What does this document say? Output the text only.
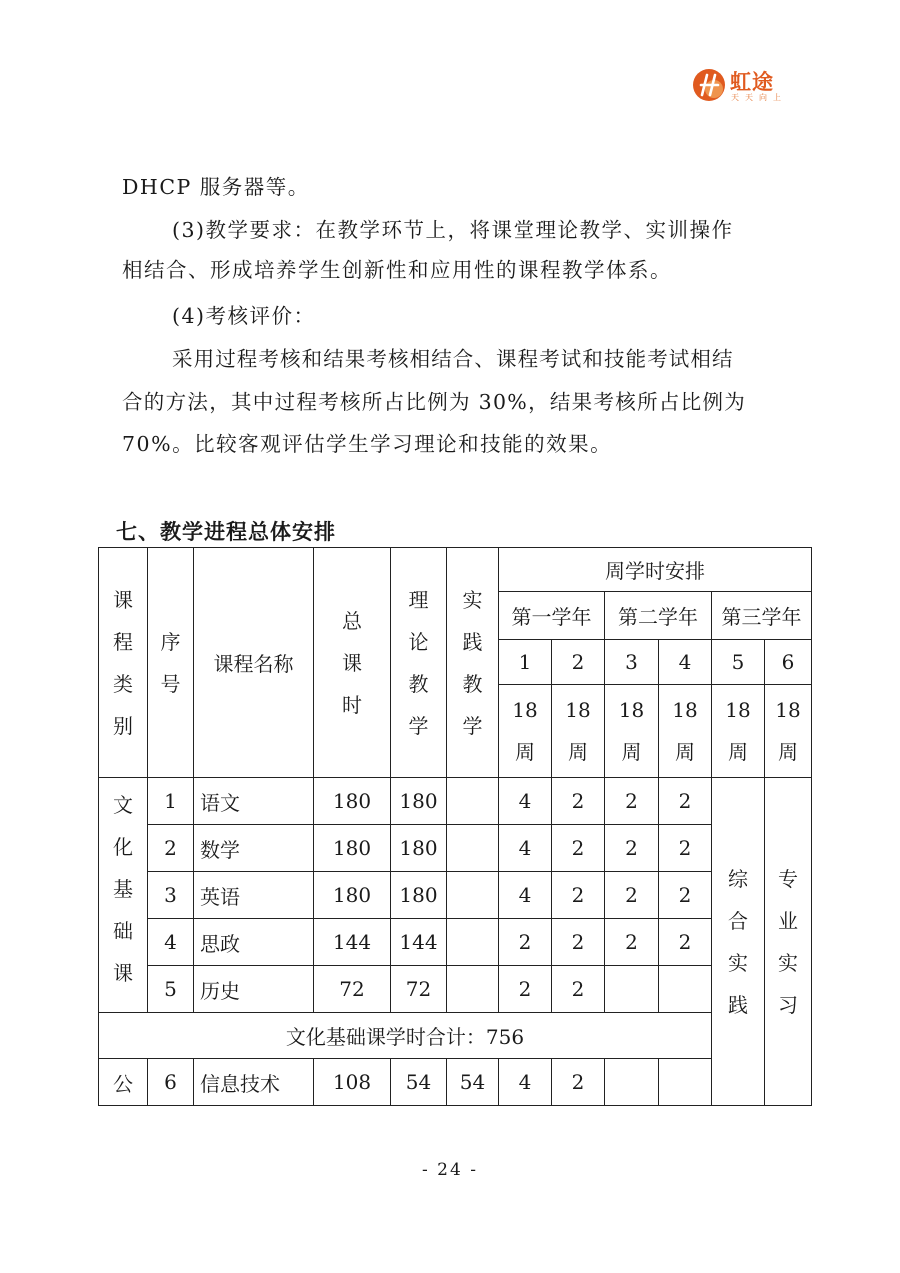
虹途
天天向上
DHCP 服务器等。
(3)教学要求：在教学环节上，将课堂理论教学、实训操作
相结合、形成培养学生创新性和应用性的课程教学体系。
(4)考核评价：
采用过程考核和结果考核相结合、课程考试和技能考试相结
合的方法，其中过程考核所占比例为 30%，结果考核所占比例为
70%。比较客观评估学生学习理论和技能的效果。
七、教学进程总体安排
课程类别	序号	课程名称	总课时	理论教学	实践教学	周学时安排					
						第一学年		第二学年		第三学年	
						1	2	3	4	5	6
						18周	18周	18周	18周	18周	18周
文化基础课	1	语文	180	180		4	2	2	2	综合实践	专业实习
	2	数学	180	180		4	2	2	2		
	3	英语	180	180		4	2	2	2		
	4	思政	144	144		2	2	2	2		
	5	历史	72	72		2	2				
文化基础课学时合计：756											
公	6	信息技术	108	54	54	4	2				
- 24 -
